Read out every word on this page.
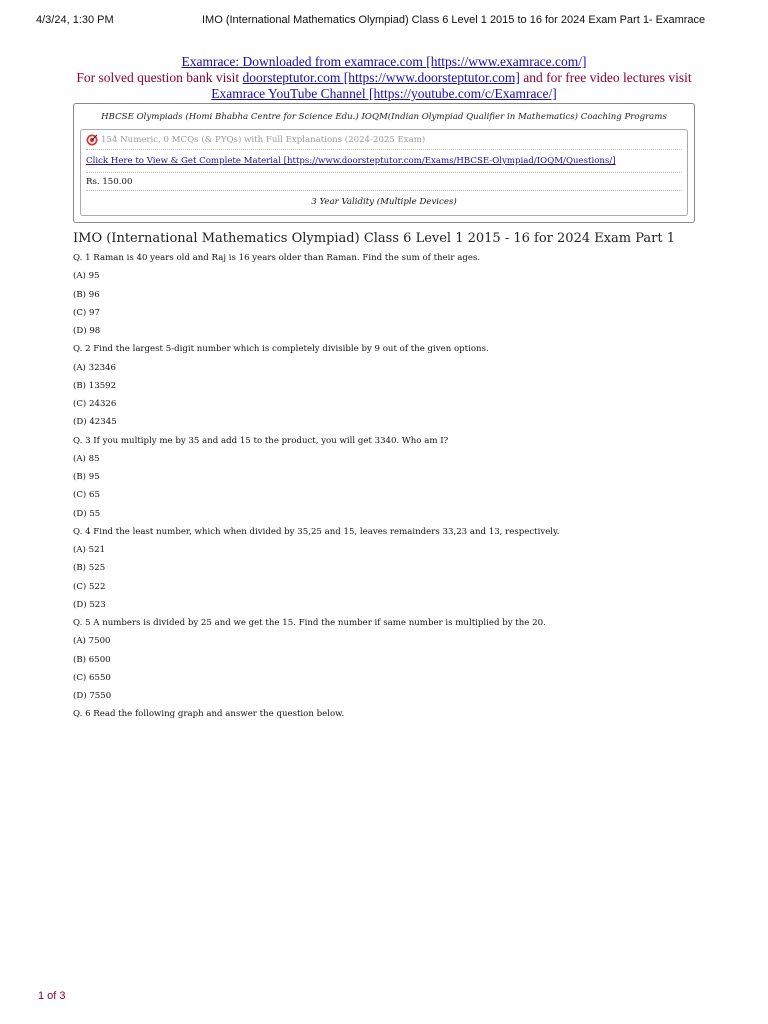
4/3/24, 1:30 PM	IMO (International Mathematics Olympiad) Class 6 Level 1 2015 to 16 for 2024 Exam Part 1- Examrace
Examrace: Downloaded from examrace.com [https://www.examrace.com/]
For solved question bank visit doorsteptutor.com [https://www.doorsteptutor.com] and for free video lectures visit
Examrace YouTube Channel [https://youtube.com/c/Examrace/]
HBCSE Olympiads (Homi Bhabha Centre for Science Edu.) IOQM(Indian Olympiad Qualifier in Mathematics) Coaching Programs
154 Numeric, 0 MCQs (& PYQs) with Full Explanations (2024-2025 Exam)
Click Here to View & Get Complete Material [https://www.doorsteptutor.com/Exams/HBCSE-Olympiad/IOQM/Questions/]
Rs. 150.00
3 Year Validity (Multiple Devices)
IMO (International Mathematics Olympiad) Class 6 Level 1 2015 - 16 for 2024 Exam Part 1
Q. 1 Raman is 40 years old and Raj is 16 years older than Raman. Find the sum of their ages.
(A) 95
(B) 96
(C) 97
(D) 98
Q. 2 Find the largest 5-digit number which is completely divisible by 9 out of the given options.
(A) 32346
(B) 13592
(C) 24326
(D) 42345
Q. 3 If you multiply me by 35 and add 15 to the product, you will get 3340. Who am I?
(A) 85
(B) 95
(C) 65
(D) 55
Q. 4 Find the least number, which when divided by 35,25 and 15, leaves remainders 33,23 and 13, respectively.
(A) 521
(B) 525
(C) 522
(D) 523
Q. 5 A numbers is divided by 25 and we get the 15. Find the number if same number is multiplied by the 20.
(A) 7500
(B) 6500
(C) 6550
(D) 7550
Q. 6 Read the following graph and answer the question below.
1 of 3
